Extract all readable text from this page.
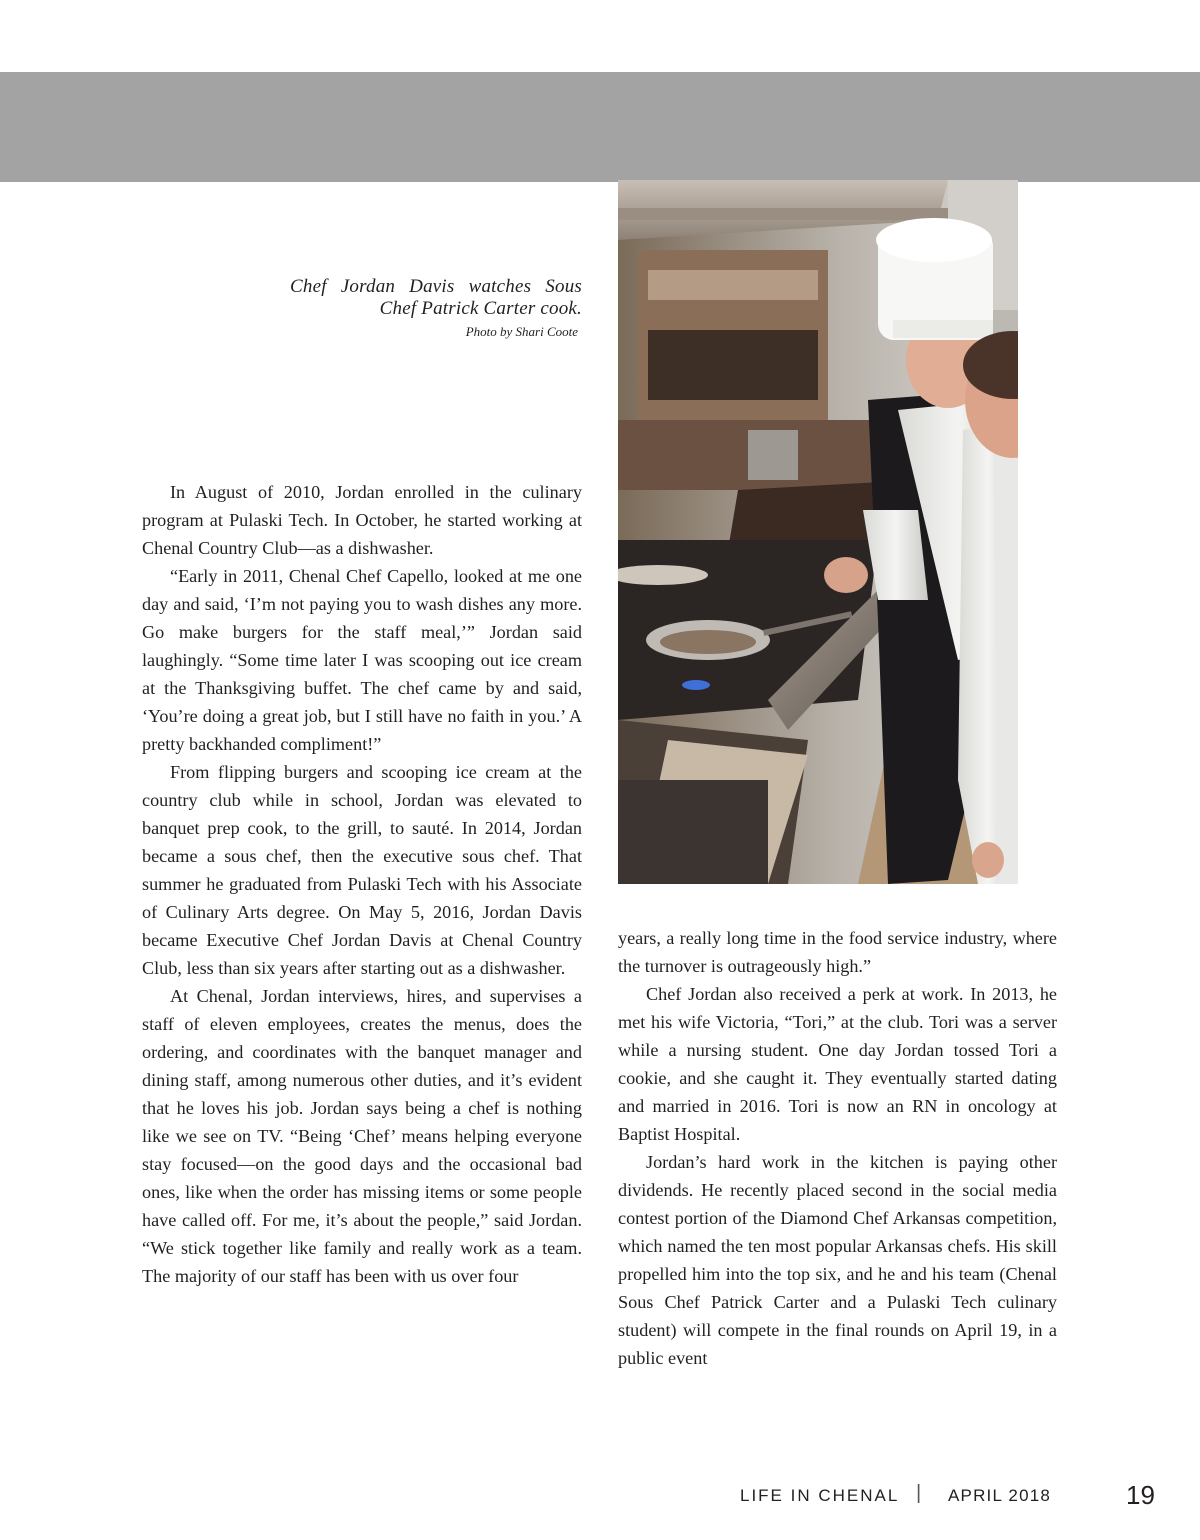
Chef Jordan Davis watches Sous Chef Patrick Carter cook.
Photo by Shari Coote

In August of 2010, Jordan enrolled in the culinary program at Pulaski Tech. In October, he started working at Chenal Country Club—as a dishwasher.

“Early in 2011, Chenal Chef Capello, looked at me one day and said, ‘I’m not paying you to wash dishes any more. Go make burgers for the staff meal,’” Jordan said laughingly. “Some time later I was scooping out ice cream at the Thanksgiving buffet. The chef came by and said, ‘You’re doing a great job, but I still have no faith in you.’ A pretty backhanded compliment!”

From flipping burgers and scooping ice cream at the country club while in school, Jordan was elevated to banquet prep cook, to the grill, to sauté. In 2014, Jordan became a sous chef, then the executive sous chef. That summer he graduated from Pulaski Tech with his Associate of Culinary Arts degree. On May 5, 2016, Jordan Davis became Executive Chef Jordan Davis at Chenal Country Club, less than six years after starting out as a dishwasher.

At Chenal, Jordan interviews, hires, and supervises a staff of eleven employees, creates the menus, does the ordering, and coordinates with the banquet manager and dining staff, among numerous other duties, and it’s evident that he loves his job. Jordan says being a chef is nothing like we see on TV. “Being ‘Chef’ means helping everyone stay focused—on the good days and the occasional bad ones, like when the order has missing items or some people have called off. For me, it’s about the people,” said Jordan. “We stick together like family and really work as a team. The majority of our staff has been with us over four

years, a really long time in the food service industry, where the turnover is outrageously high.”

Chef Jordan also received a perk at work. In 2013, he met his wife Victoria, “Tori,” at the club. Tori was a server while a nursing student. One day Jordan tossed Tori a cookie, and she caught it. They eventually started dating and married in 2016. Tori is now an RN in oncology at Baptist Hospital.

Jordan’s hard work in the kitchen is paying other dividends. He recently placed second in the social media contest portion of the Diamond Chef Arkansas competition, which named the ten most popular Arkansas chefs. His skill propelled him into the top six, and he and his team (Chenal Sous Chef Patrick Carter and a Pulaski Tech culinary student) will compete in the final rounds on April 19, in a public event

LIFE IN CHENAL | APRIL 2018	19
